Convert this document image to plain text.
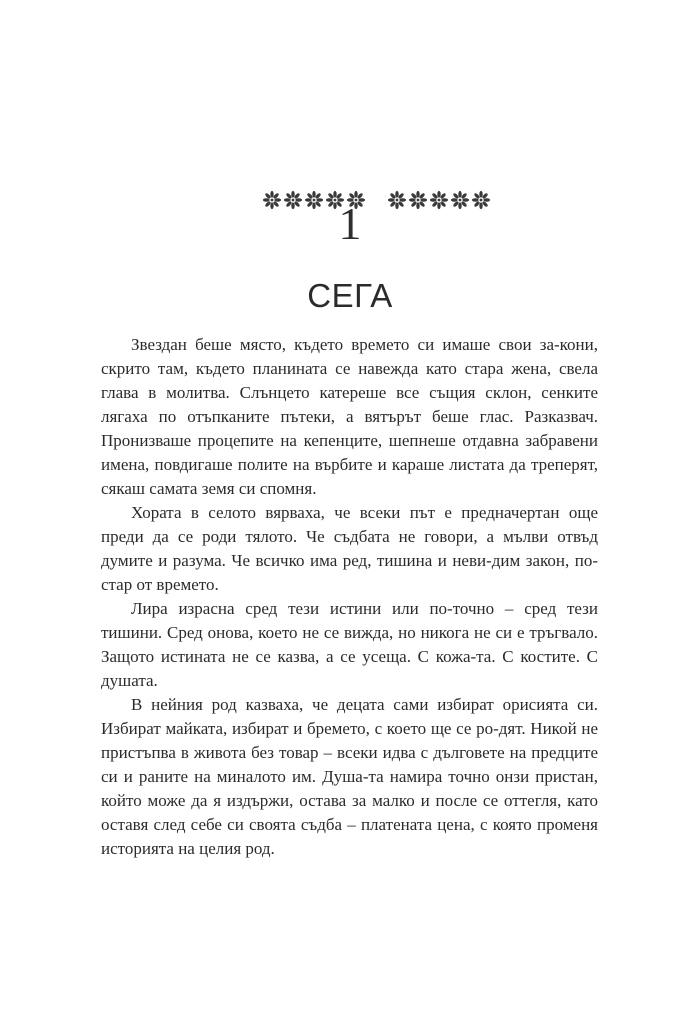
1
СЕГА

Звездан беше място, където времето си имаше свои за-кони,
скрито там, където планината се навежда като стара жена, свела
глава в молитва. Слънцето катереше все същия склон, сенките
лягаха по отъпканите пътеки, а вятърът беше глас. Разказвач.
Пронизваше процепите на кепенците, шепнеше отдавна забравени
имена, повдигаше полите на върбите и караше листата да треперят,
сякаш самата земя си спомня.

Хората в селото вярваха, че всеки път е предначертан още
преди да се роди тялото. Че съдбата не говори, а мълви отвъд
думите и разума. Че всичко има ред, тишина и неви-дим закон, по-
стар от времето.

Лира израсна сред тези истини или по-точно – сред тези
тишини. Сред онова, което не се вижда, но никога не си е тръгвало.
Защото истината не се казва, а се усеща. С кожа-та. С костите. С
душата.

В нейния род казваха, че децата сами избират орисията си.
Избират майката, избират и бремето, с което ще се ро-дят. Никой не
пристъпва в живота без товар – всеки идва с дълговете на предците
си и раните на миналото им. Душа-та намира точно онзи пристан,
който може да я издържи, остава за малко и после се оттегля, като
оставя след себе си своята съдба – платената цена, с която променя
историята на целия род.
